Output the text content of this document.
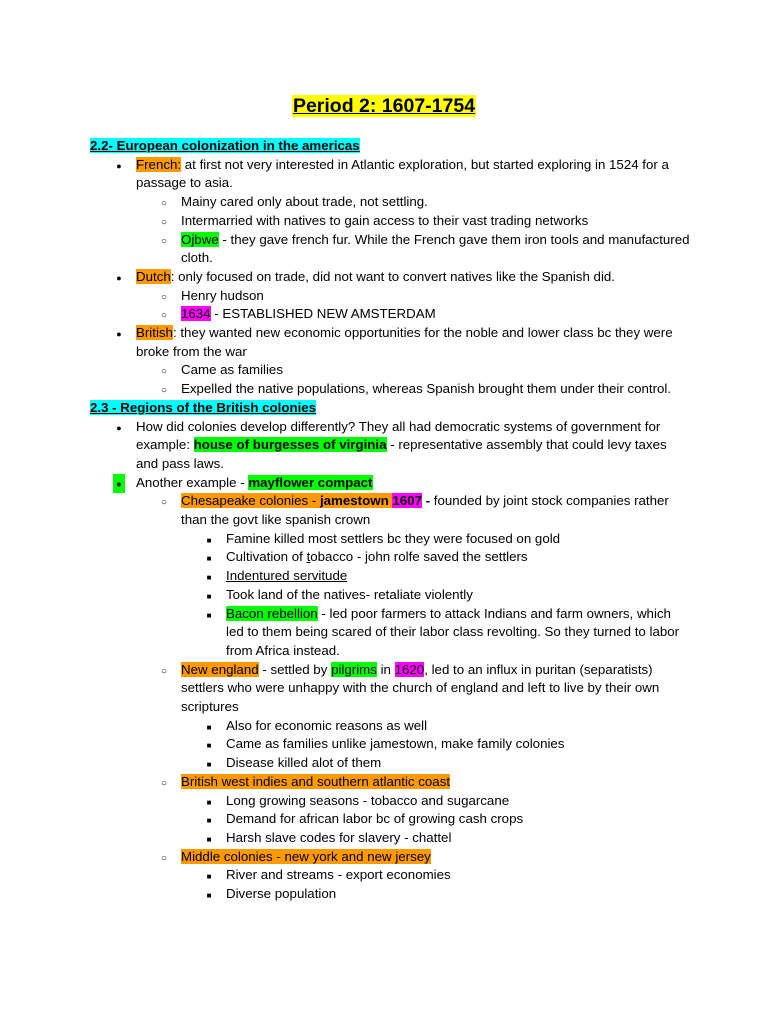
Period 2: 1607-1754
2.2- European colonization in the americas
●
French: at first not very interested in Atlantic exploration, but started exploring in 1524 for a passage to asia.
○
Mainy cared only about trade, not settling.
○
Intermarried with natives to gain access to their vast trading networks
○
Ojbwe - they gave french fur. While the French gave them iron tools and manufactured cloth.
●
Dutch: only focused on trade, did not want to convert natives like the Spanish did.
○
Henry hudson
○
1634 - ESTABLISHED NEW AMSTERDAM
●
British: they wanted new economic opportunities for the noble and lower class bc they were broke from the war
○
Came as families
○
Expelled the native populations, whereas Spanish brought them under their control.
2.3 - Regions of the British colonies
●
How did colonies develop differently? They all had democratic systems of government for example: house of burgesses of virginia - representative assembly that could levy taxes and pass laws.
●
Another example - mayflower compact
○
Chesapeake colonies - jamestown 1607 - founded by joint stock companies rather than the govt like spanish crown
■
Famine killed most settlers bc they were focused on gold
■
Cultivation of tobacco - john rolfe saved the settlers
■
Indentured servitude
■
Took land of the natives- retaliate violently
■
Bacon rebellion - led poor farmers to attack Indians and farm owners, which led to them being scared of their labor class revolting. So they turned to labor from Africa instead.
○
New england - settled by pilgrims in 1620, led to an influx in puritan (separatists) settlers who were unhappy with the church of england and left to live by their own scriptures
■
Also for economic reasons as well
■
Came as families unlike jamestown, make family colonies
■
Disease killed alot of them
○
British west indies and southern atlantic coast
■
Long growing seasons - tobacco and sugarcane
■
Demand for african labor bc of growing cash crops
■
Harsh slave codes for slavery - chattel
○
Middle colonies - new york and new jersey
■
River and streams - export economies
■
Diverse population
